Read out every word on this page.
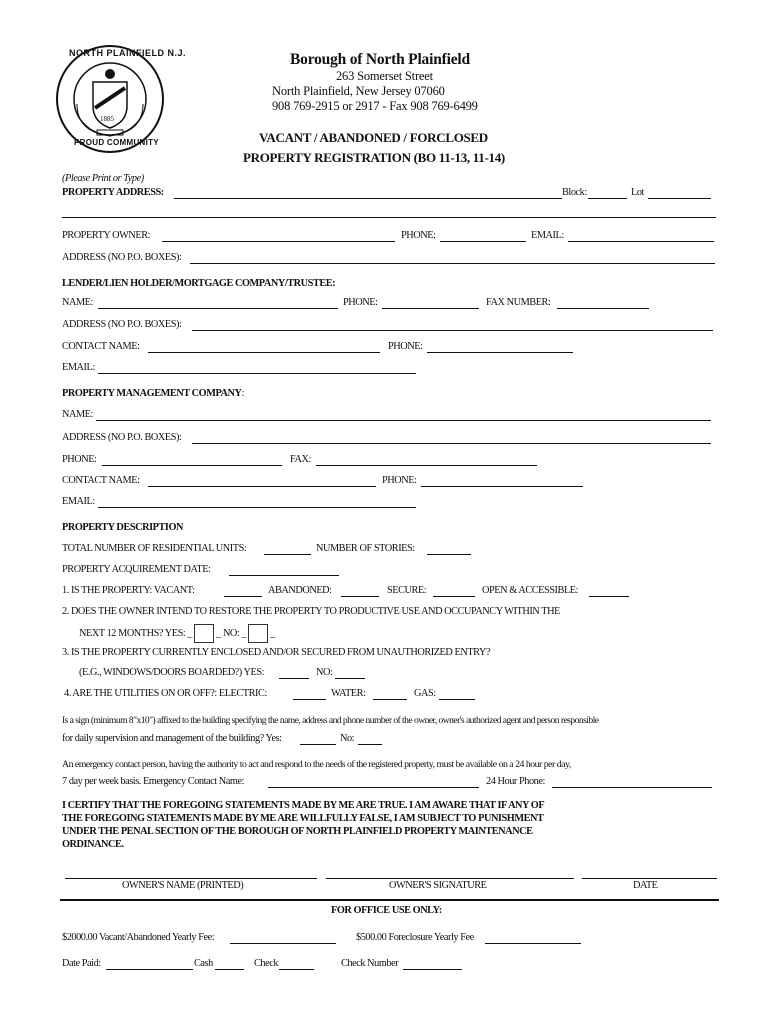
NORTH PLAINFIELD N.J.
PROUD COMMUNITY
1885
Borough of North Plainfield
263 Somerset Street
North Plainfield, New Jersey 07060
908 769-2915 or 2917 - Fax 908 769-6499
VACANT / ABANDONED / FORCLOSED
PROPERTY REGISTRATION (BO 11-13, 11-14)
(Please Print or Type)
PROPERTY ADDRESS:	Block:	Lot
PROPERTY OWNER:	PHONE:	EMAIL:
ADDRESS (NO P.O. BOXES):
LENDER/LIEN HOLDER/MORTGAGE COMPANY/TRUSTEE:
NAME:	PHONE:	FAX NUMBER:
ADDRESS (NO P.O. BOXES):
CONTACT NAME:	PHONE:
EMAIL:
PROPERTY MANAGEMENT COMPANY:
NAME:
ADDRESS (NO P.O. BOXES):
PHONE:	FAX:
CONTACT NAME:	PHONE:
EMAIL:
PROPERTY DESCRIPTION
TOTAL NUMBER OF RESIDENTIAL UNITS:	NUMBER OF STORIES:
PROPERTY ACQUIREMENT DATE:
1. IS THE PROPERTY: VACANT:	ABANDONED:	SECURE:	OPEN & ACCESSIBLE:
2. DOES THE OWNER INTEND TO RESTORE THE PROPERTY TO PRODUCTIVE USE AND OCCUPANCY WITHIN THE
NEXT 12 MONTHS? YES: _ _ NO: _ _
3. IS THE PROPERTY CURRENTLY ENCLOSED AND/OR SECURED FROM UNAUTHORIZED ENTRY?
(E.G., WINDOWS/DOORS BOARDED?) YES:	NO:
4. ARE THE UTILITIES ON OR OFF?: ELECTRIC:	WATER:	GAS:
Is a sign (minimum 8"x10") affixed to the building specifying the name, address and phone number of the owner, owner's authorized agent and person responsible
for daily supervision and management of the building? Yes:	No:
An emergency contact person, having the authority to act and respond to the needs of the registered property, must be available on a 24 hour per day,
7 day per week basis. Emergency Contact Name:	24 Hour Phone:
I CERTIFY THAT THE FOREGOING STATEMENTS MADE BY ME ARE TRUE. I AM AWARE THAT IF ANY OF
THE FOREGOING STATEMENTS MADE BY ME ARE WILLFULLY FALSE, I AM SUBJECT TO PUNISHMENT
UNDER THE PENAL SECTION OF THE BOROUGH OF NORTH PLAINFIELD PROPERTY MAINTENANCE
ORDINANCE.
OWNER'S NAME (PRINTED)	OWNER'S SIGNATURE	DATE
FOR OFFICE USE ONLY:
$2000.00 Vacant/Abandoned Yearly Fee:	$500.00 Foreclosure Yearly Fee
Date Paid:	Cash	Check	Check Number
